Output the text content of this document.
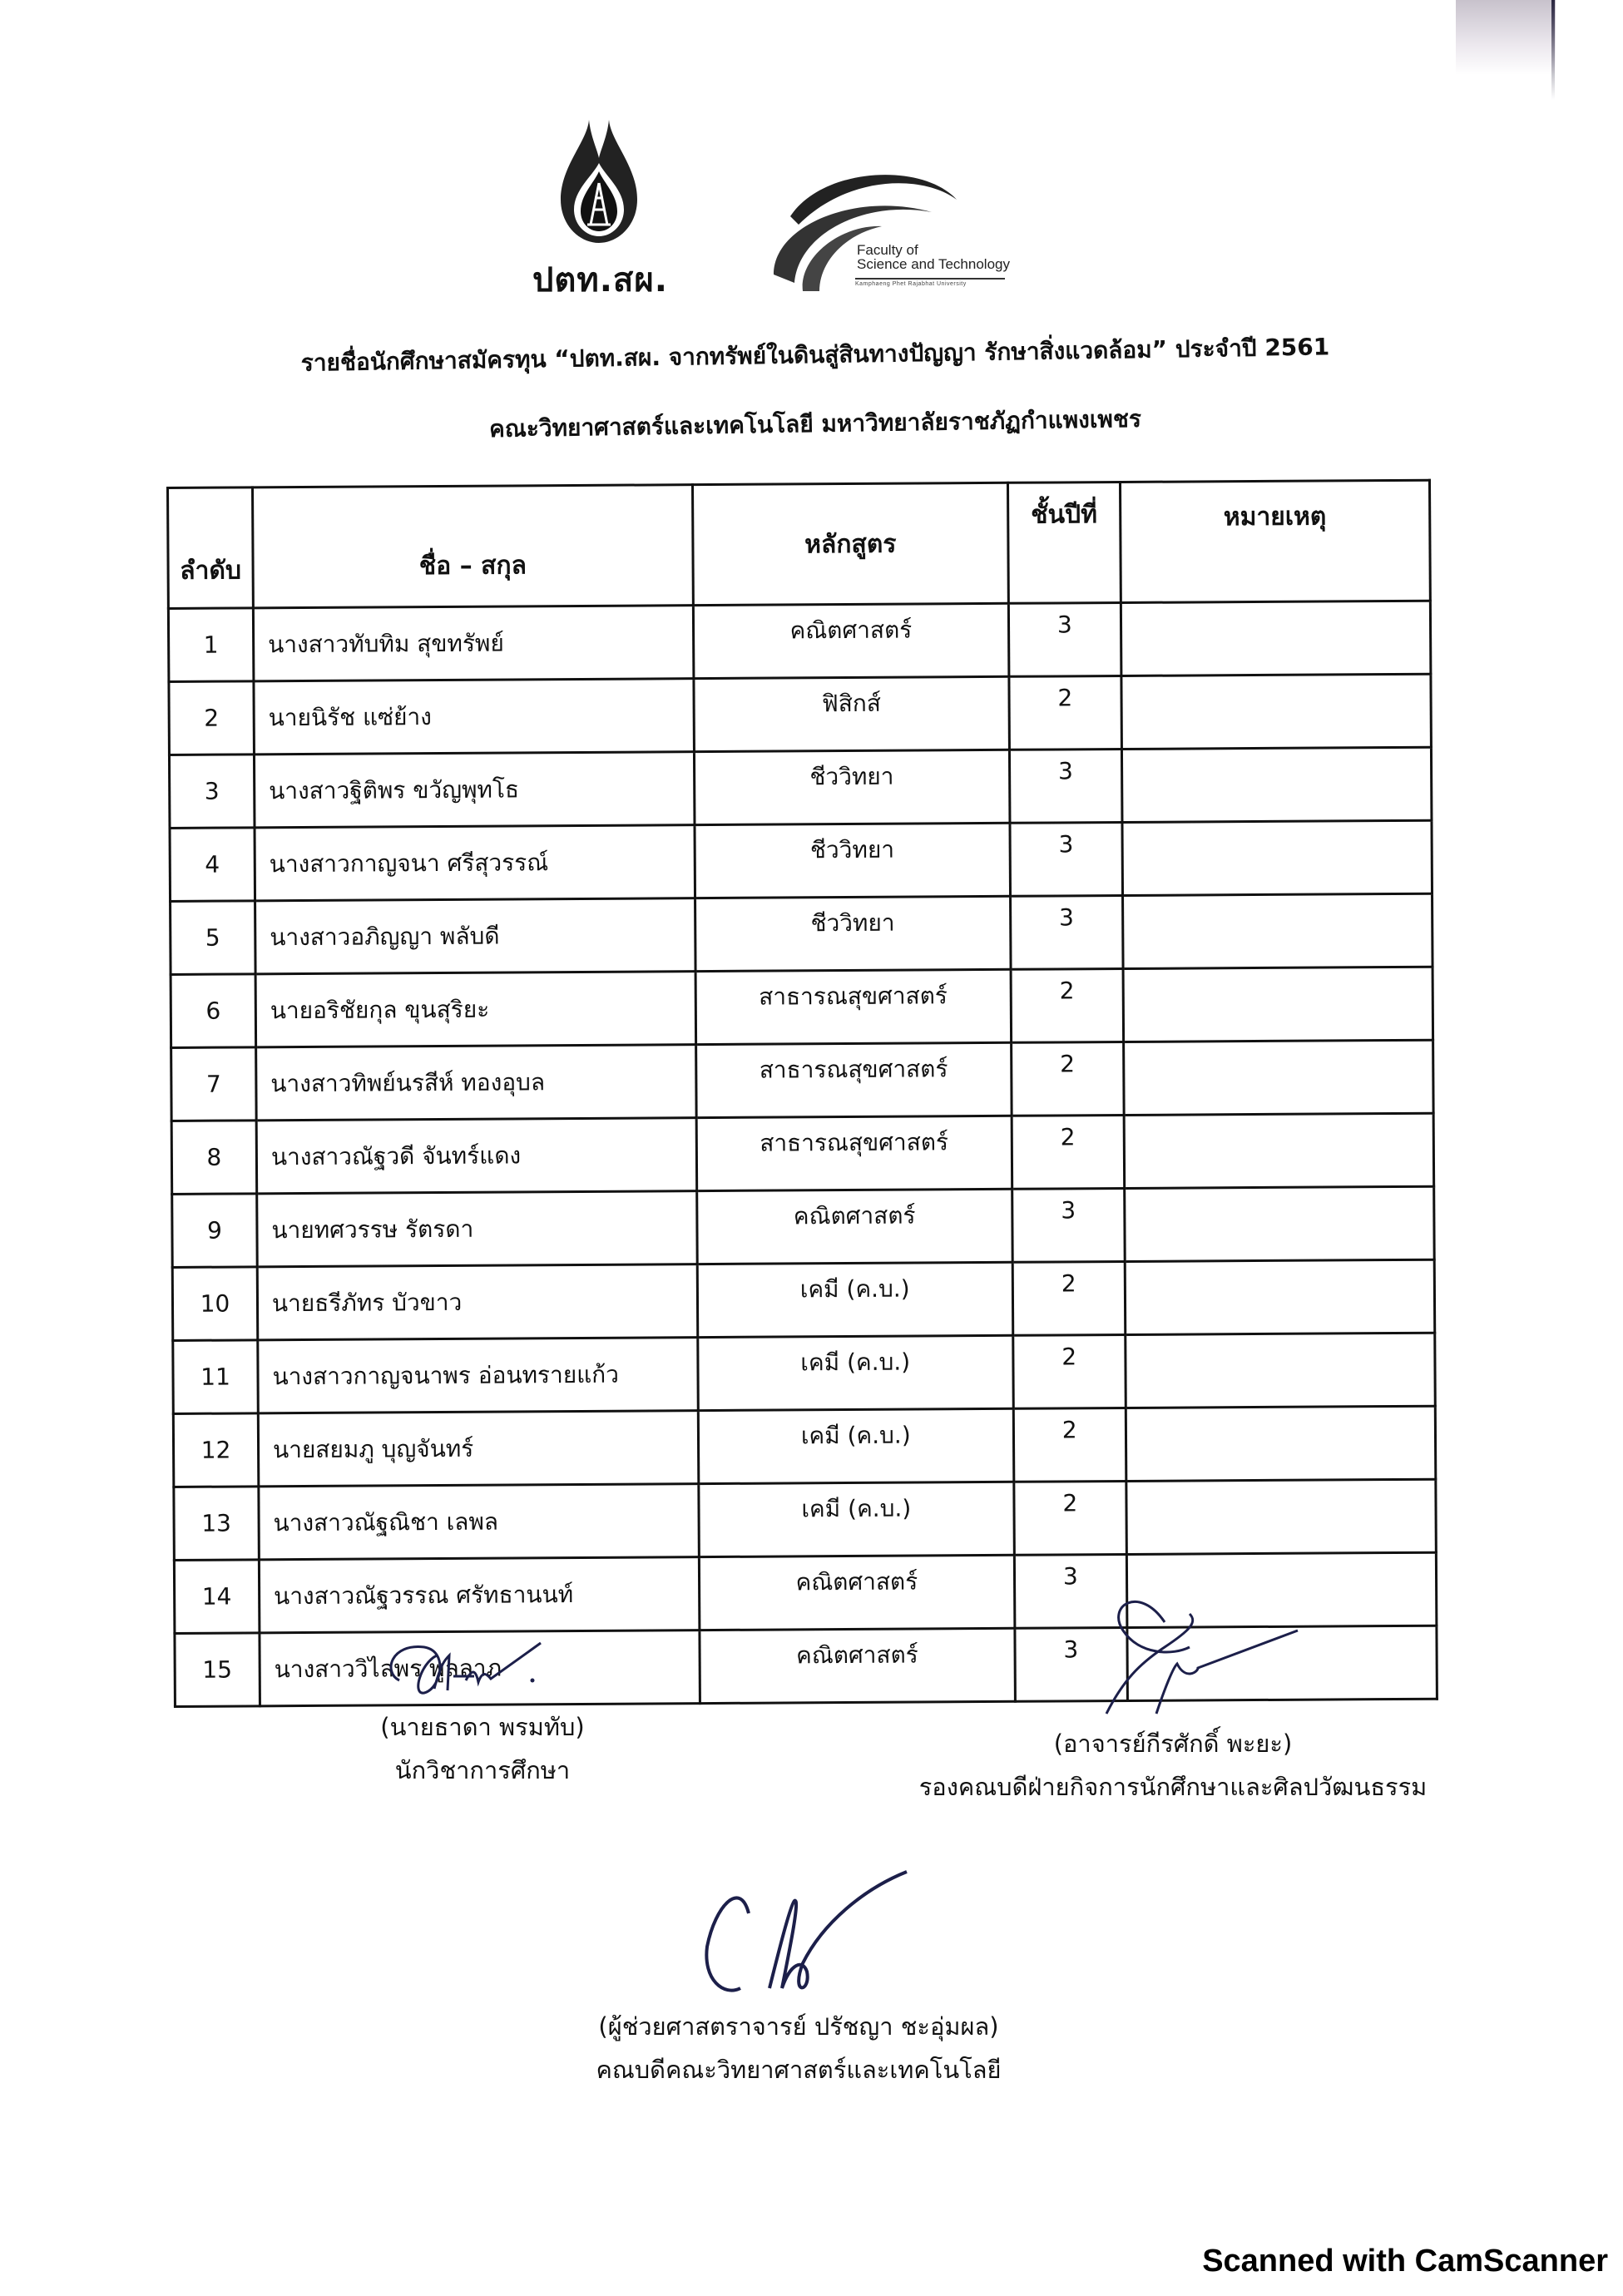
ปตท.สผ.
Faculty of
Science and Technology
Kamphaeng Phet Rajabhat University
รายชื่อนักศึกษาสมัครทุน “ปตท.สผ. จากทรัพย์ในดินสู่สินทางปัญญา รักษาสิ่งแวดล้อม” ประจำปี 2561
คณะวิทยาศาสตร์และเทคโนโลยี มหาวิทยาลัยราชภัฏกำแพงเพชร
ลำดับ	ชื่อ – สกุล	หลักสูตร	ชั้นปีที่	หมายเหตุ
1	นางสาวทับทิม สุขทรัพย์	คณิตศาสตร์	3	
2	นายนิรัช แซ่ย้าง	ฟิสิกส์	2	
3	นางสาวฐิติพร ขวัญพุทโธ	ชีววิทยา	3	
4	นางสาวกาญจนา ศรีสุวรรณ์	ชีววิทยา	3	
5	นางสาวอภิญญา พลับดี	ชีววิทยา	3	
6	นายอริชัยกุล ขุนสุริยะ	สาธารณสุขศาสตร์	2	
7	นางสาวทิพย์นรสีห์ ทองอุบล	สาธารณสุขศาสตร์	2	
8	นางสาวณัฐวดี จันทร์แดง	สาธารณสุขศาสตร์	2	
9	นายทศวรรษ รัตรดา	คณิตศาสตร์	3	
10	นายธรีภัทร บัวขาว	เคมี (ค.บ.)	2	
11	นางสาวกาญจนาพร อ่อนทรายแก้ว	เคมี (ค.บ.)	2	
12	นายสยมภู บุญจันทร์	เคมี (ค.บ.)	2	
13	นางสาวณัฐณิชา เลพล	เคมี (ค.บ.)	2	
14	นางสาวณัฐวรรณ ศรัทธานนท์	คณิตศาสตร์	3	
15	นางสาววิไลพร พูลลาภ	คณิตศาสตร์	3	
(นายธาดา พรมทับ)
นักวิชาการศึกษา
(อาจารย์กีรศักดิ์ พะยะ)
รองคณบดีฝ่ายกิจการนักศึกษาและศิลปวัฒนธรรม
(ผู้ช่วยศาสตราจารย์ ปรัชญา ชะอุ่มผล)
คณบดีคณะวิทยาศาสตร์และเทคโนโลยี
Scanned with CamScanner
